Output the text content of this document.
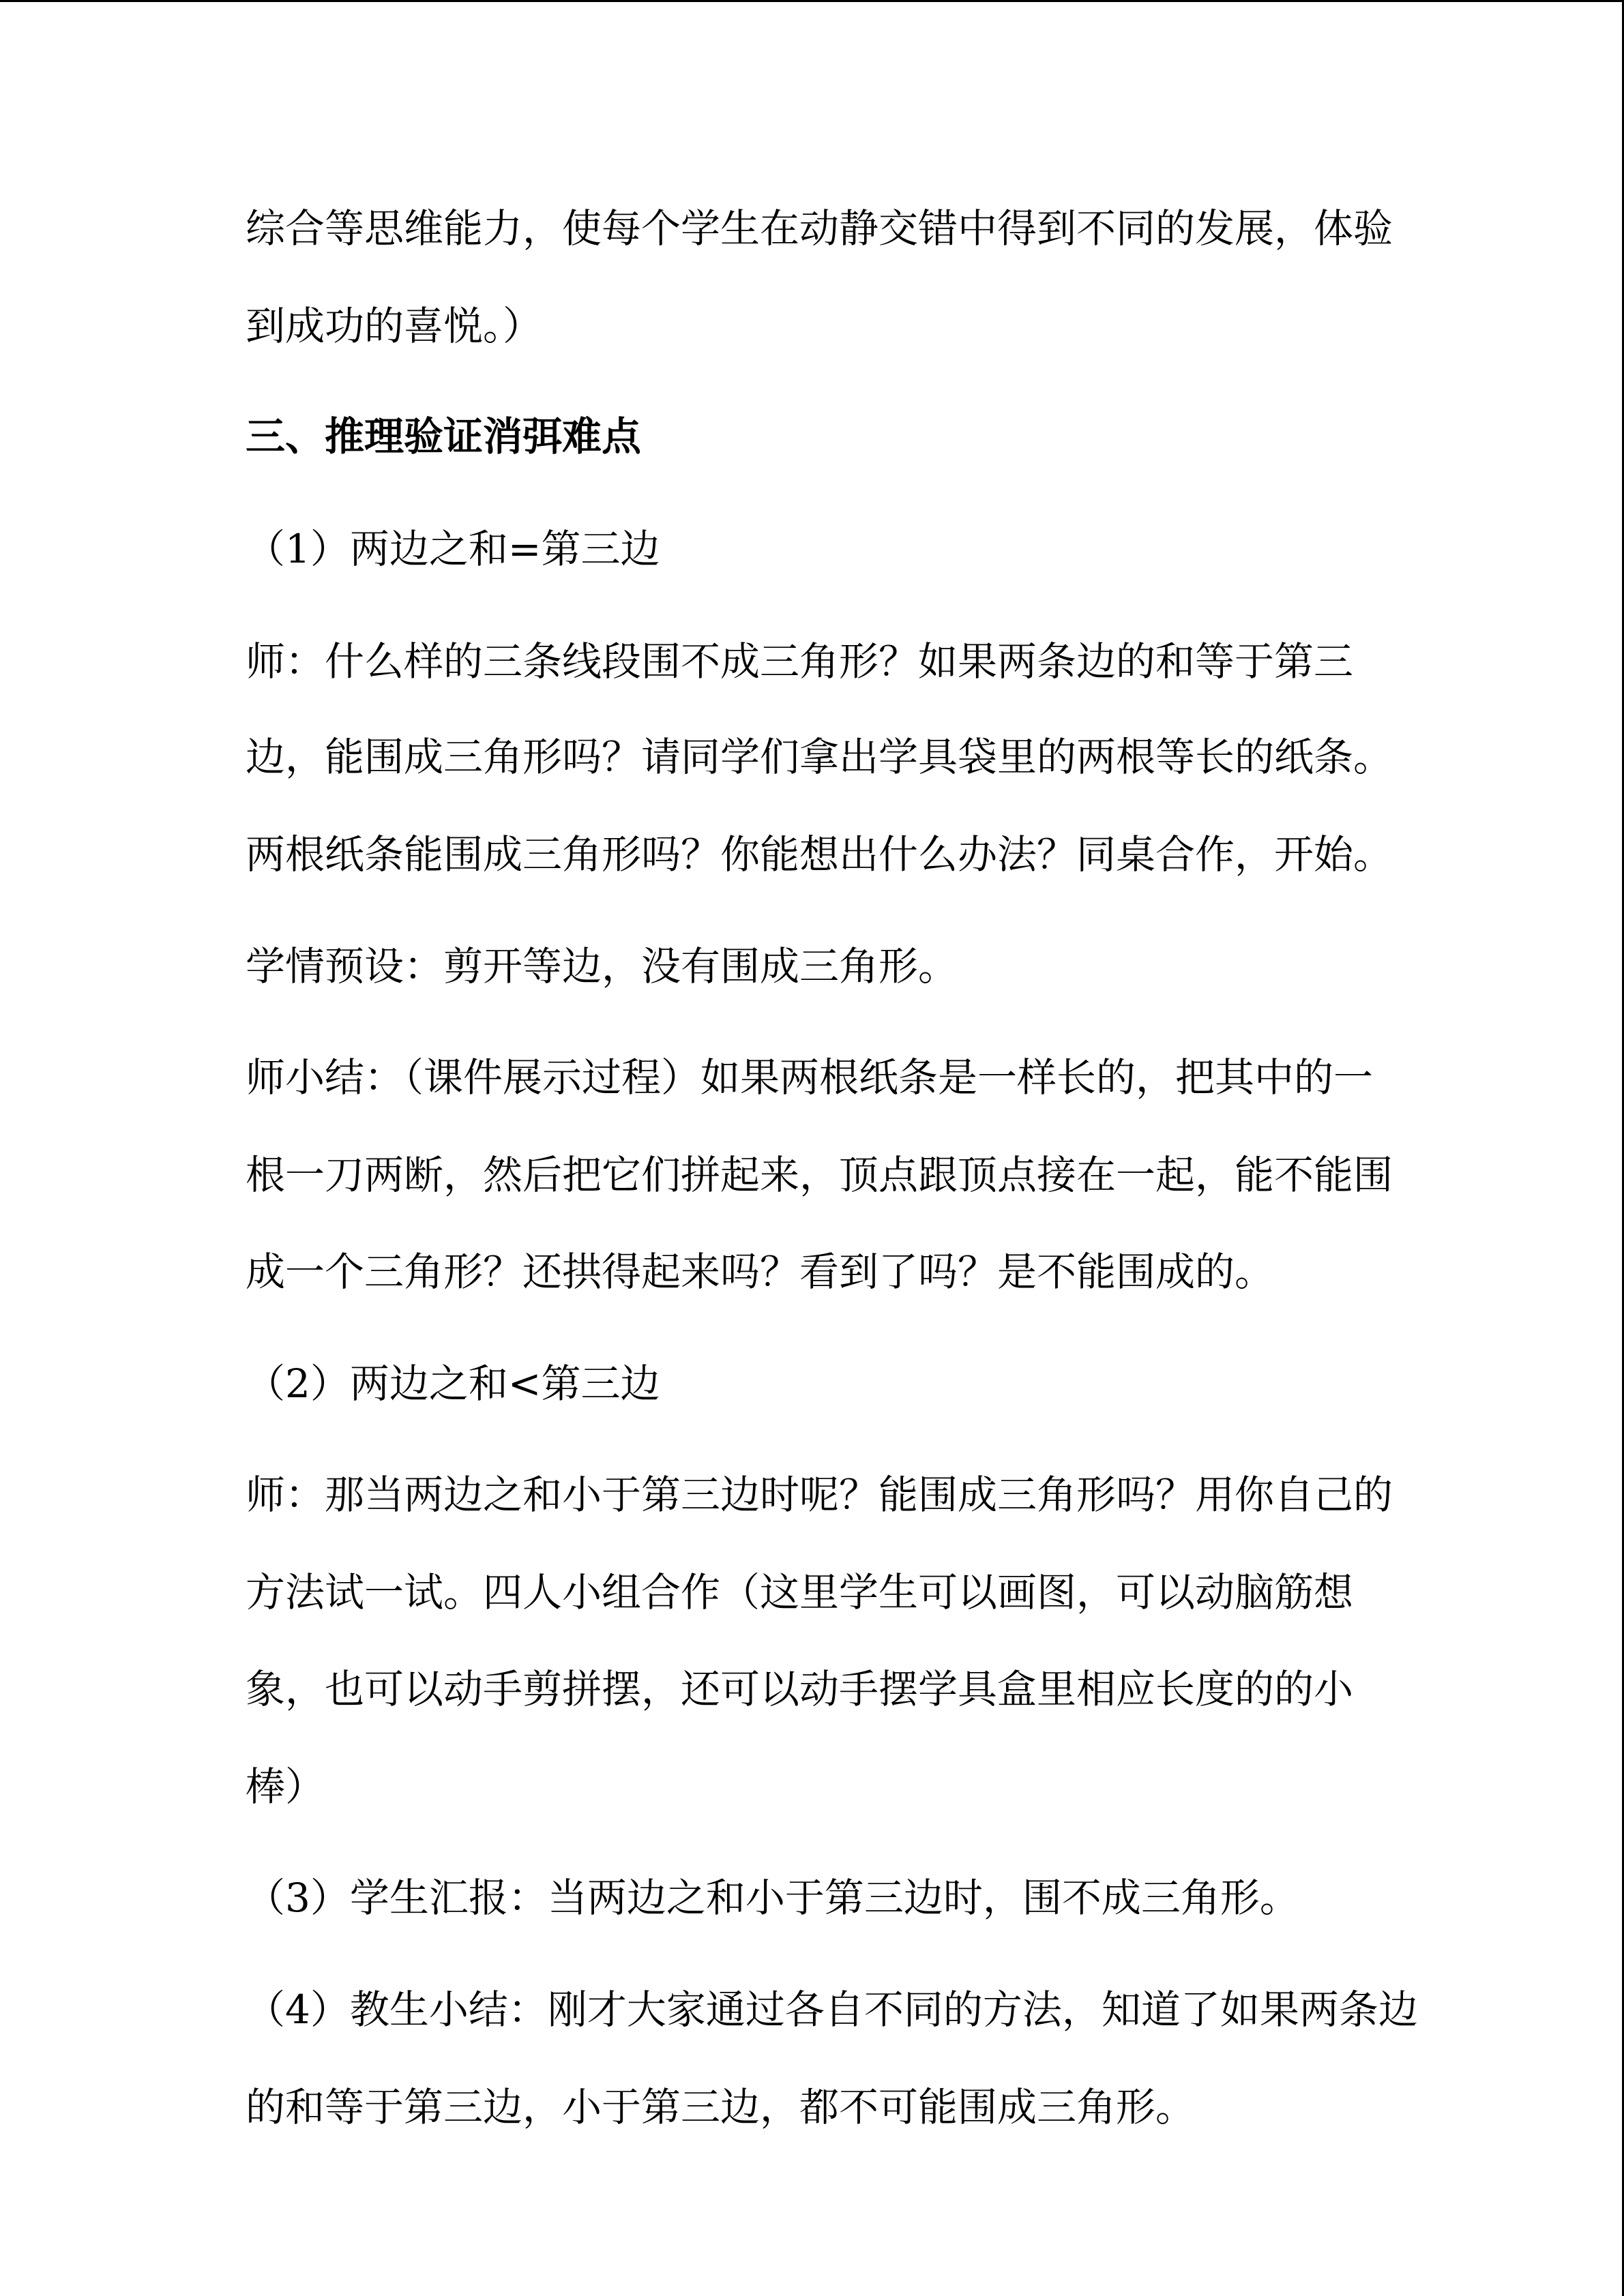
综合等思维能力，使每个学生在动静交错中得到不同的发展，体验
到成功的喜悦。）
三、推理验证消弭难点
（1）两边之和=第三边
师：什么样的三条线段围不成三角形？如果两条边的和等于第三
边，能围成三角形吗？请同学们拿出学具袋里的两根等长的纸条。
两根纸条能围成三角形吗？你能想出什么办法？同桌合作，开始。
学情预设：剪开等边，没有围成三角形。
师小结：（课件展示过程）如果两根纸条是一样长的，把其中的一
根一刀两断，然后把它们拼起来，顶点跟顶点接在一起，能不能围
成一个三角形？还拱得起来吗？看到了吗？是不能围成的。
（2）两边之和<第三边
师：那当两边之和小于第三边时呢？能围成三角形吗？用你自己的
方法试一试。四人小组合作（这里学生可以画图，可以动脑筋想
象，也可以动手剪拼摆，还可以动手摆学具盒里相应长度的的小
棒）
（3）学生汇报：当两边之和小于第三边时，围不成三角形。
（4）教生小结：刚才大家通过各自不同的方法，知道了如果两条边
的和等于第三边，小于第三边，都不可能围成三角形。
